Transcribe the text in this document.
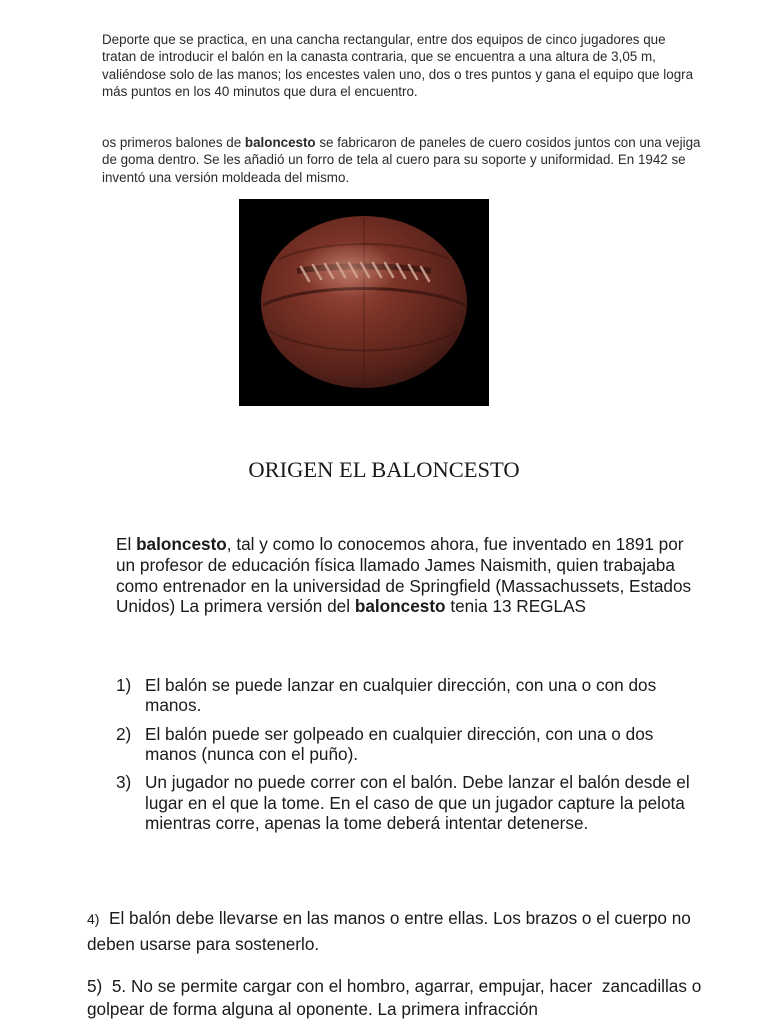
Deporte que se practica, en una cancha rectangular, entre dos equipos de cinco jugadores que tratan de introducir el balón en la canasta contraria, que se encuentra a una altura de 3,05 m, valiéndose solo de las manos; los encestes valen uno, dos o tres puntos y gana el equipo que logra más puntos en los 40 minutos que dura el encuentro.

os primeros balones de baloncesto se fabricaron de paneles de cuero cosidos juntos con una vejiga de goma dentro. Se les añadió un forro de tela al cuero para su soporte y uniformidad. En 1942 se inventó una versión moldeada del mismo.

ORIGEN EL BALONCESTO

El baloncesto, tal y como lo conocemos ahora, fue inventado en 1891 por un profesor de educación física llamado James Naismith, quien trabajaba como entrenador en la universidad de Springfield (Massachussets, Estados Unidos) La primera versión del baloncesto tenia 13 REGLAS

1) El balón se puede lanzar en cualquier dirección, con una o con dos manos.
2) El balón puede ser golpeado en cualquier dirección, con una o dos manos (nunca con el puño).
3) Un jugador no puede correr con el balón. Debe lanzar el balón desde el lugar en el que la tome. En el caso de que un jugador capture la pelota mientras corre, apenas la tome deberá intentar detenerse.

4)  El balón debe llevarse en las manos o entre ellas. Los brazos o el cuerpo no deben usarse para sostenerlo.

5)  5. No se permite cargar con el hombro, agarrar, empujar, hacer  zancadillas o golpear de forma alguna al oponente. La primera infracción
